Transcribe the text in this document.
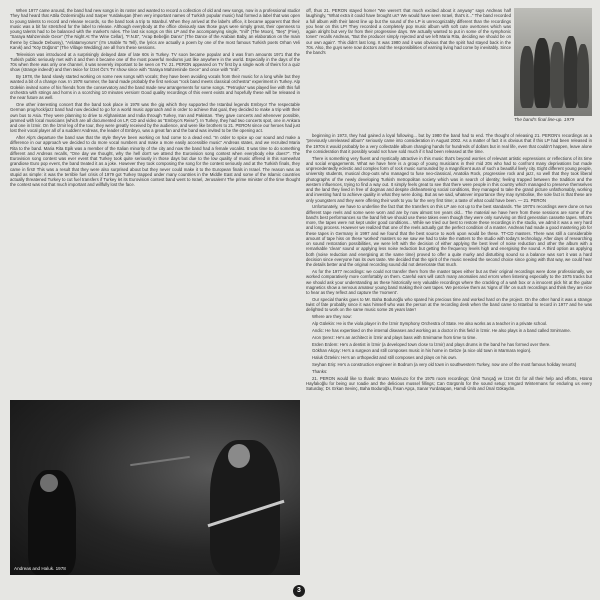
When 1977 came around, the band had new songs in its roster and wanted to record a collection of old and new songs, now in a professional studio! They had heard that Attila Özdemiroğlu and Sarper Yurdakuşan (then very important names of Turkish popular music) had formed a label that was open to young talents to record and release records, so the band took a trip to Istanbul. When they arrived at the label's office, it became apparent that their music was a bit far stretched for the label to release. Although everybody at the office obviously saw those guys were simply great, their openness to young talents had to be balanced with the market's rules. The last six songs on this LP and the accompanying single, "Inili" (The Moon), "Beş" (Five), "Saraya Mahzeninde Gece" (The Night At The Wine Cellar), "F.N.B", "Arap Bebeğin Dansı" (The Dance of the Arabian Baby, an elaboration on the main theme by Claude Debussy), "Anlatamıyorum" (I'm Unable To Tell), the lyrics are actually a poem by one of the most famous Turkish poets Orhan Veli Kanık) and "Köy Düğünü" (The Village Wedding) are all from these sessions.

Television was introduced at a surprisingly delayed date of late 60s in Turkey. TV soon became popular and it was from amounts 1971 that the Turkish public seriously met with it and then it became one of the most powerful mediums just like anywhere in the world. Especially in the days of the 70s when there was only one channel, it was severely important to be seen on TV. 21. PERON appeared on TV first by a single work of theirs for a quiz show (strange indeed!) and then twice for İzzet Öz's TV show since with "Saraya Mahzeninde Gece" and once with "Inili".

By 1978, the band slowly started working on some new songs with vocals; they have been avoiding vocals from their music for a long while but they wanted a bit of a change now. In 1978 summer, the band made probably the first serious "rock band meets classical orchestra" experiment in Turkey. Alp Gülekin invited some of his friends from the conservatory and the band made new arrangements for some songs. "Petruşka" was played live with this full orchestra with strings and horns in a scorching 10 minutes version! Good quality recordings of this event exists and hopefully these will be released in the near future as well.

One other interesting concert that the band took place in 1978 was the gig which they supported the Istanbul legends Embryo! The respectable German prog/rock/jazz band had now decided to go for a world music approach and in order to achieve that goal, they decided to make a trip with their own bus to Asia. They were planning to drive to Afghanistan and India through Turkey, Iran and Pakistan. They gave concerts and whenever possible, jammed with local musicians (which are all documented on LP, CD and video as "Embryo's Reise"). In Turkey, they had two concerts spot, one in Ankara and one in İzmir. On the İzmir leg of the tour, they were greatly received by the audience, and were like brothers to 21. PERON since our heroes had just lost their vocal player all of a sudden! Andreas, the leader of Embryo, was a great fan and the band was invited to be the opening act.

After Alp's departure the band saw that the style they've been working on had come to a dead end. "In order to spice up our sound and make a difference in our approach we decided to do more vocal numbers and make a more easily accessible music" Andreas states, and we recruited Maria Rita to the band. Maria Rita Epik was a member of the Italian minority of the city and now the band had a female vocalist. It was time to do something different and Andreas recalls, "One day we thought, why the hell don't we attend the Eurovision song contest when everybody else does?". The Eurovision song contest was ever event that Turkey took quite seriously in those days but due to the low quality of music offered in this somewhat grandiose Euro pop event, the band treated it as a joke. However they took composing the song for the contest seriously and at the Turkish finals, they came in first! This was a result that they were also surprised about but they never could make it to the European finals in Israel. The reason was as stupid as simple: it was the terrible fuel crisis of 1979 got Turkey trapped under many countries in the Middle East and some of the Islamic countries actually threatened Turkey to cut fuel transfers if Turkey let its Eurovision contest band went to Israel, Jerusalem! The prime minister of the time thought the contest was not that much important and willfully lost the face.

off, thus 21. PERON stayed home! "We weren't that much excited about it anyway" says Andreas half laughingly, "What extra it could have brought us? We would have seen Israel, that's it..." The band recorded a full album with their latest line up but the sound of the LP is unrecognizably different than the recordings you hear on this LP! They recorded a completely pop music album with soft cute overtones which was again alright but very far from their progressive days. We actually wanted to put in some of the symphonic tones" recalls Andreas, "But the producer simply rejected and we left Maria Rita, deciding we should be on our own again". This didn't last long. It was 1980 and it was obvious that the spirit had stayed back in the 70s. Also, the guys were now doctors and the responsibilities of earning living had come by inevitably. Since the band's

The band's final line-up. 1979

beginning in 1973, they had gained a loyal following... but by 1980 the band had to end. The thought of releasing 21. PERON's recordings as a "previously unreleased album" seriously came into consideration in August 2002. As a matter of fact it is obvious that if this LP had been released in the 1970s it would probably be a very collectable album changing hands for hundreds of dollars but in real life, even that couldn't happen, leave alone the consideration that it possibly would not have sold much if it had been released at the time.

There is something very fluent and mystically attractive in this music that's beyond worries of relevant artistic expressions or reflections of its time and social engagements. What we have here is a group of young musicians in their mid 20s who had to confront many deprivations but made unprecedentedly eclectic and complex form of rock music surrounded by a magnificent aura of such a beautiful lively city. Eight different young people, university students, musical drop-outs who managed to fuse neo-classical, Anatolia Rock, progressive rock and jazz, so well that they took liberal photographs of the newly developing Turkish metropolitan society which was in search of identity; feeling trapped between the tradition and the western influences, trying to find a way out. It simply feels great to see that there were people in this country which managed to preserve themselves and the land they lived in free of dogmas and despite disheartening social conditions, they managed to take the grand picture unfathomably, working and investing hard to achieve quality in what they were doing. But as we said, whatever importance they may symbolise, the sole fact is that these are only youngsters and they were offering their work to you for the very first time; a taste of what could have been. — 21. PERON

Unfortunately, we have to underline the fact that the transfers on this LP are not up to the best standards. The 1970's recordings were done on two different tape reels and some were worn and are by now almost ten years old... The material we have here from these sessions are some of the band's best performances so the band felt we should use these takes even though they were only surviving on third generation cassette tapes. What's more, the tapes were not kept under good conditions... While we tried our best to restore these recordings in the studio, we admit it was a very hard and long process. However we realized that one of the reels actually got the perfect condition of a master. Andreas had made a good mastering job for these tapes in Germany in 1997 and we found that the best source to work upon would be these. TT-CD masters. There was still a considerable amount of tape hiss on these 'worked' masters so we saw we had to take the matters to the studio with today's technology. After days of researching on sound restoration possibilities, we were left with the decision of either applying the best level of noise reduction and other the album with a remarkable 'clean' sound or applying less noise reduction but getting the frequency levels high and energising the sound. A third option as applying both (noise reduction and energising at the same time) proved to offer a quite murky and disturbing sound so a balance was sort it was a hard decision since everyone has its own taste. We decided that the spirit of the music needed the second choice since going with that way, we could hear the details better and the original recording sound did not deteriorate that much.

As for the 1977 recordings: we could not transfer them from the master tapes either but as their original recordings were done professionally, we worked comparatively more comfortably on them. Careful ears will catch many anomalies and errors when listening especially to the 1975 tracks but we should ask your understanding as these historically very valuable recordings where the crackling of a wah box or a innocent pick hit at the guitar magnetics show a nervous amateur young band making their own tapes. We perceive them as 'signs of life' on such recordings and think they are nice to hear as they reflect and capture the 'moment'.

Our special thanks goes to Mr. Baha Boduroğlu who spared his precious time and worked hard on the project. On the other hand it was a strange twist of fate probably since it was himself who was the person at the recording desk when the band came to Istanbul to record in 1977 and he was delighted to work on the same music some 26 years later!

Where are they now:

Alp Gülekin: He is the viola player in the İzmir Symphony Orchestra of State. He also works as a teacher in a private school.

Andic: He has expertised on the internal diseases and working as a doctor in this field in İzmir. He also plays in a band called Smirname.

Aron Şerez: He's an architect in İzmir and plays bass with Smirname from time to time.

Erden Erdem: He's a dentist in İzmir (a developed town close to İzmir) and plays drums in the band he has formed over there.

Gökhan Akçay: He's a surgeon and still composes music in his home in Gebze (a nice old town in Marmara region).

Haluk Öztekin: He's an orthopedist and still composes and plays on his own.

Seyhan Eriş: He's a construction engineer in Bodrum (a very old town in southwestern Turkey, now one of the most famous holiday resorts)

Thanks:

21. PERON would like to thank: Bruno Marinuzo for the 1975 room recordings; Ümit Tunçağ ve İzzet Öz for all their help and efforts, Hüsnü Hayfalıoğlu for being our roadie and the delicious mussel fillings; Can Gürgünlü for the sound setup; Irmgard Wintermans for enduring us every Saturday; Dr. Erkan Sevinç, Baha Boduroğlu, İhsan Apça, Sanar Yurdatapan, Hamdi Ünlü and Ünal Gökaydın.

Andreas and Haluk. 1978
3
